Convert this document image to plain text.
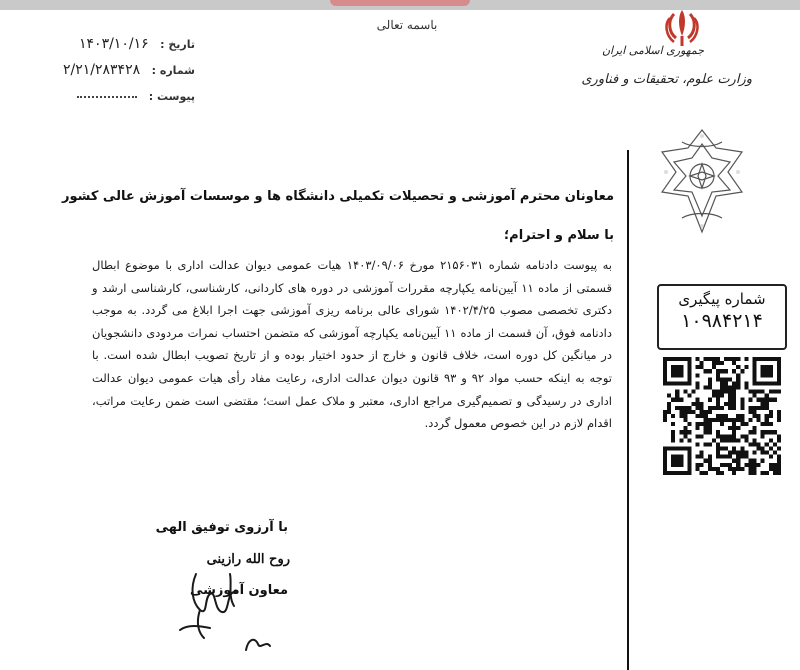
باسمه تعالی
تاریخ : ۱۴۰۳/۱۰/۱۶
شماره : ۲/۲۱/۲۸۳۴۲۸
پیوست :
جمهوری اسلامی ایران
وزارت علوم، تحقیقات و فناوری
معاونان محترم آموزشی و تحصیلات تکمیلی دانشگاه ها و موسسات آموزش عالی کشور
با سلام و احترام؛
به پیوست دادنامه شماره ۲۱۵۶۰۳۱ مورخ ۱۴۰۳/۰۹/۰۶ هیات عمومی دیوان عدالت اداری با موضوع ابطال قسمتی از ماده ۱۱ آیین‌نامه یکپارچه مقررات آموزشی در دوره های کاردانی، کارشناسی، کارشناسی ارشد و دکتری تخصصی مصوب ۱۴۰۲/۴/۲۵ شورای عالی برنامه ریزی آموزشی جهت اجرا ابلاغ می گردد. به موجب دادنامه فوق، آن قسمت از ماده ۱۱ آیین‌نامه یکپارچه آموزشی که متضمن احتساب نمرات مردودی دانشجویان در میانگین کل دوره است، خلاف قانون و خارج از حدود اختیار بوده و از تاریخ تصویب ابطال شده است. با توجه به اینکه حسب مواد ۹۲ و ۹۳ قانون دیوان عدالت اداری، رعایت مفاد رأی هیات عمومی دیوان عدالت اداری در رسیدگی و تصمیم‌گیری مراجع اداری، معتبر و ملاک عمل است؛ مقتضی است ضمن رعایت مراتب، اقدام لازم در این خصوص معمول گردد.
شماره پیگیری
۱۰۹۸۴۲۱۴
با آرزوی توفیق الهی
روح الله رازینی
معاون آموزشی
